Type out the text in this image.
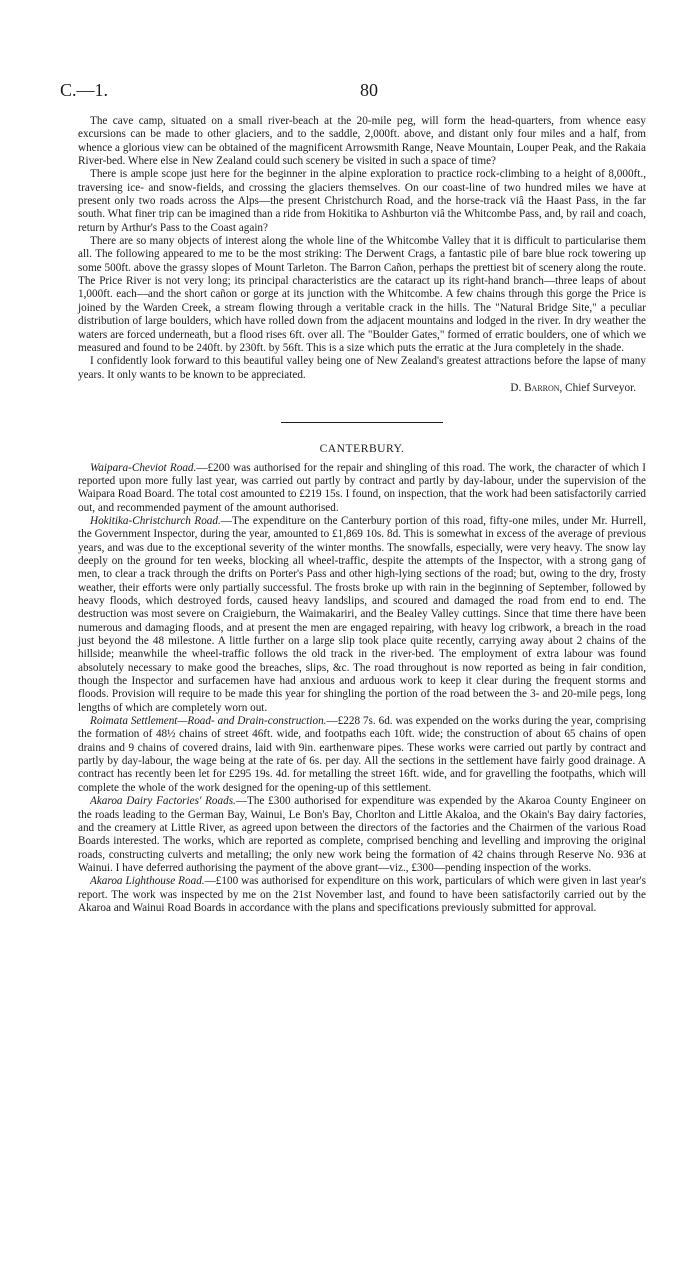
C.—1.	80

The cave camp, situated on a small river-beach at the 20-mile peg, will form the head-quarters, from whence easy excursions can be made to other glaciers, and to the saddle, 2,000ft. above, and distant only four miles and a half, from whence a glorious view can be obtained of the magnificent Arrowsmith Range, Neave Mountain, Louper Peak, and the Rakaia River-bed. Where else in New Zealand could such scenery be visited in such a space of time?

There is ample scope just here for the beginner in the alpine exploration to practice rock-climbing to a height of 8,000ft., traversing ice- and snow-fields, and crossing the glaciers themselves. On our coast-line of two hundred miles we have at present only two roads across the Alps—the present Christchurch Road, and the horse-track viâ the Haast Pass, in the far south. What finer trip can be imagined than a ride from Hokitika to Ashburton viâ the Whitcombe Pass, and, by rail and coach, return by Arthur's Pass to the Coast again?

There are so many objects of interest along the whole line of the Whitcombe Valley that it is difficult to particularise them all. The following appeared to me to be the most striking: The Derwent Crags, a fantastic pile of bare blue rock towering up some 500ft. above the grassy slopes of Mount Tarleton. The Barron Cañon, perhaps the prettiest bit of scenery along the route. The Price River is not very long; its principal characteristics are the cataract up its right-hand branch—three leaps of about 1,000ft. each—and the short cañon or gorge at its junction with the Whitcombe. A few chains through this gorge the Price is joined by the Warden Creek, a stream flowing through a veritable crack in the hills. The "Natural Bridge Site," a peculiar distribution of large boulders, which have rolled down from the adjacent mountains and lodged in the river. In dry weather the waters are forced underneath, but a flood rises 6ft. over all. The "Boulder Gates," formed of erratic boulders, one of which we measured and found to be 240ft. by 230ft. by 56ft. This is a size which puts the erratic at the Jura completely in the shade.

I confidently look forward to this beautiful valley being one of New Zealand's greatest attractions before the lapse of many years. It only wants to be known to be appreciated.

D. Barron, Chief Surveyor.

CANTERBURY.

Waipara-Cheviot Road.—£200 was authorised for the repair and shingling of this road. The work, the character of which I reported upon more fully last year, was carried out partly by contract and partly by day-labour, under the supervision of the Waipara Road Board. The total cost amounted to £219 15s. I found, on inspection, that the work had been satisfactorily carried out, and recommended payment of the amount authorised.

Hokitika-Christchurch Road.—The expenditure on the Canterbury portion of this road, fifty-one miles, under Mr. Hurrell, the Government Inspector, during the year, amounted to £1,869 10s. 8d. This is somewhat in excess of the average of previous years, and was due to the exceptional severity of the winter months. The snowfalls, especially, were very heavy. The snow lay deeply on the ground for ten weeks, blocking all wheel-traffic, despite the attempts of the Inspector, with a strong gang of men, to clear a track through the drifts on Porter's Pass and other high-lying sections of the road; but, owing to the dry, frosty weather, their efforts were only partially successful. The frosts broke up with rain in the beginning of September, followed by heavy floods, which destroyed fords, caused heavy landslips, and scoured and damaged the road from end to end. The destruction was most severe on Craigieburn, the Waimakariri, and the Bealey Valley cuttings. Since that time there have been numerous and damaging floods, and at present the men are engaged repairing, with heavy log cribwork, a breach in the road just beyond the 48 milestone. A little further on a large slip took place quite recently, carrying away about 2 chains of the hillside; meanwhile the wheel-traffic follows the old track in the river-bed. The employment of extra labour was found absolutely necessary to make good the breaches, slips, &c. The road throughout is now reported as being in fair condition, though the Inspector and surfacemen have had anxious and arduous work to keep it clear during the frequent storms and floods. Provision will require to be made this year for shingling the portion of the road between the 3- and 20-mile pegs, long lengths of which are completely worn out.

Roimata Settlement—Road- and Drain-construction.—£228 7s. 6d. was expended on the works during the year, comprising the formation of 48½ chains of street 46ft. wide, and footpaths each 10ft. wide; the construction of about 65 chains of open drains and 9 chains of covered drains, laid with 9in. earthenware pipes. These works were carried out partly by contract and partly by day-labour, the wage being at the rate of 6s. per day. All the sections in the settlement have fairly good drainage. A contract has recently been let for £295 19s. 4d. for metalling the street 16ft. wide, and for gravelling the footpaths, which will complete the whole of the work designed for the opening-up of this settlement.

Akaroa Dairy Factories' Roads.—The £300 authorised for expenditure was expended by the Akaroa County Engineer on the roads leading to the German Bay, Wainui, Le Bon's Bay, Chorlton and Little Akaloa, and the Okain's Bay dairy factories, and the creamery at Little River, as agreed upon between the directors of the factories and the Chairmen of the various Road Boards interested. The works, which are reported as complete, comprised benching and levelling and improving the original roads, constructing culverts and metalling; the only new work being the formation of 42 chains through Reserve No. 936 at Wainui. I have deferred authorising the payment of the above grant—viz., £300—pending inspection of the works.

Akaroa Lighthouse Road.—£100 was authorised for expenditure on this work, particulars of which were given in last year's report. The work was inspected by me on the 21st November last, and found to have been satisfactorily carried out by the Akaroa and Wainui Road Boards in accordance with the plans and specifications previously submitted for approval.
